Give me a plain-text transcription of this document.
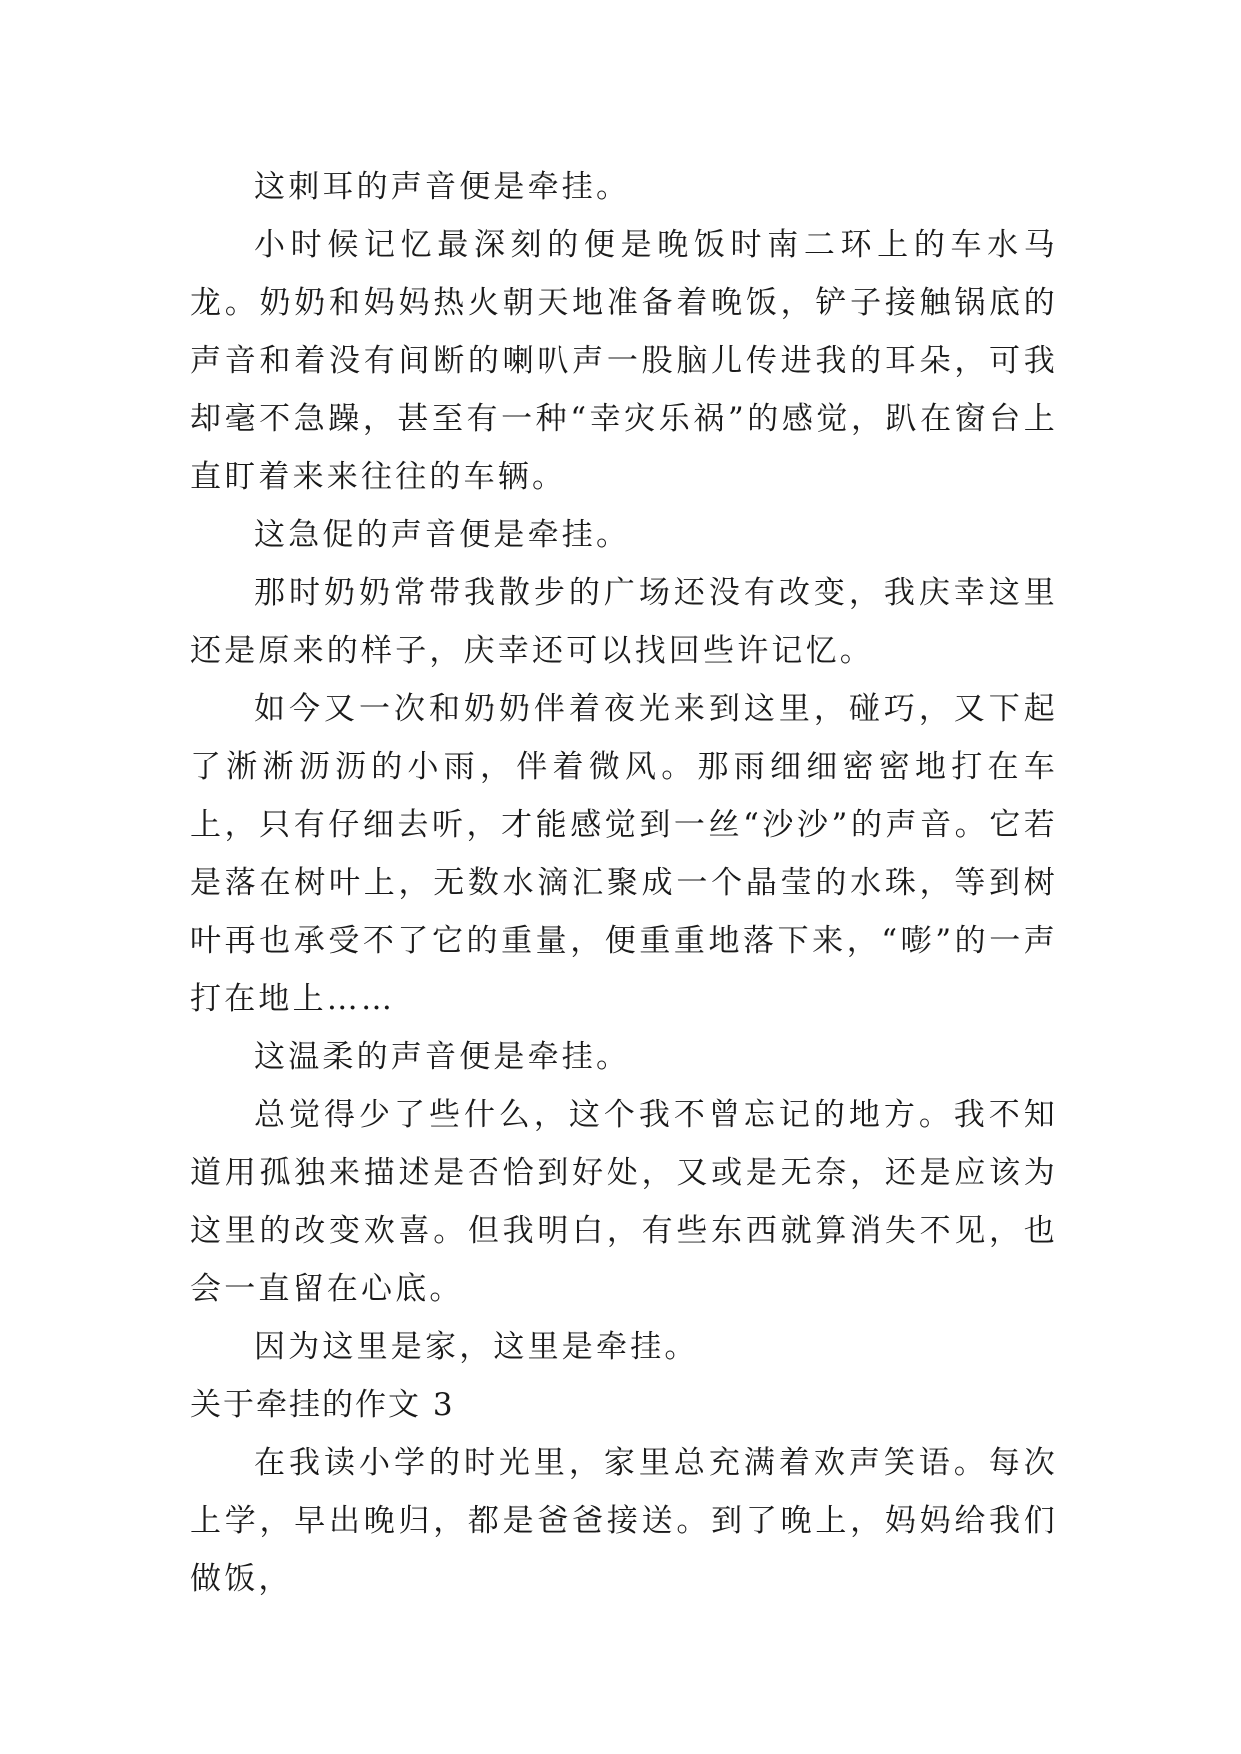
这刺耳的声音便是牵挂。

小时候记忆最深刻的便是晚饭时南二环上的车水马龙。奶奶和妈妈热火朝天地准备着晚饭，铲子接触锅底的声音和着没有间断的喇叭声一股脑儿传进我的耳朵，可我却毫不急躁，甚至有一种“幸灾乐祸”的感觉，趴在窗台上直盯着来来往往的车辆。

这急促的声音便是牵挂。

那时奶奶常带我散步的广场还没有改变，我庆幸这里还是原来的样子，庆幸还可以找回些许记忆。

如今又一次和奶奶伴着夜光来到这里，碰巧，又下起了淅淅沥沥的小雨，伴着微风。那雨细细密密地打在车上，只有仔细去听，才能感觉到一丝“沙沙”的声音。它若是落在树叶上，无数水滴汇聚成一个晶莹的水珠，等到树叶再也承受不了它的重量，便重重地落下来，“嘭”的一声打在地上……

这温柔的声音便是牵挂。

总觉得少了些什么，这个我不曾忘记的地方。我不知道用孤独来描述是否恰到好处，又或是无奈，还是应该为这里的改变欢喜。但我明白，有些东西就算消失不见，也会一直留在心底。

因为这里是家，这里是牵挂。

关于牵挂的作文 3

在我读小学的时光里，家里总充满着欢声笑语。每次上学，早出晚归，都是爸爸接送。到了晚上，妈妈给我们做饭，
